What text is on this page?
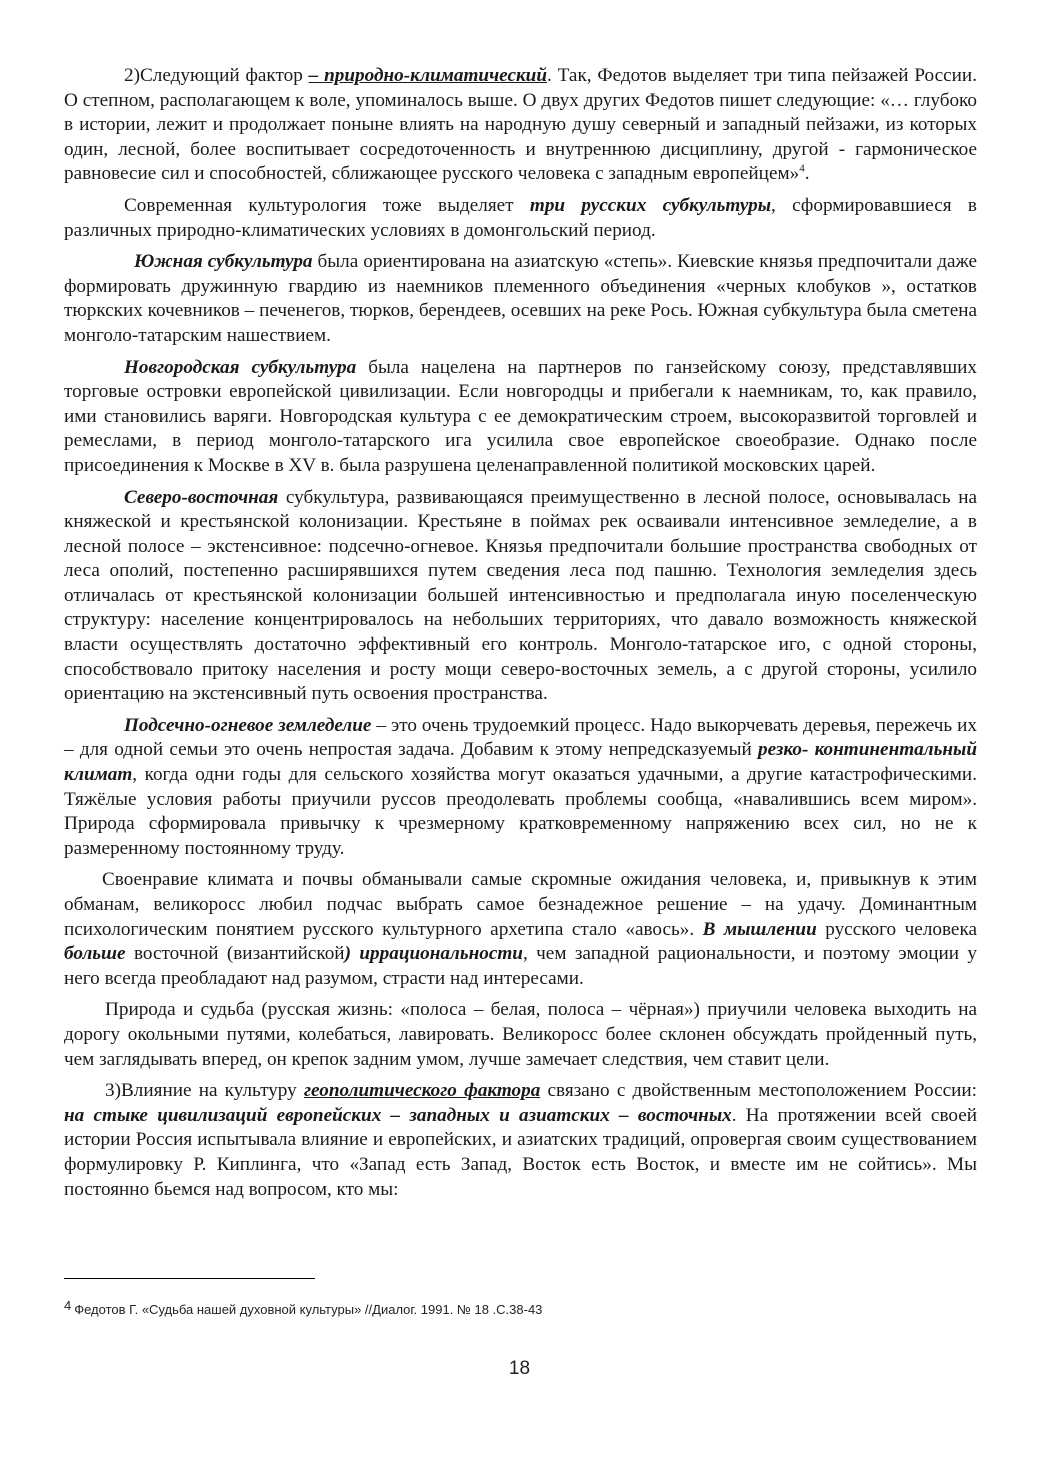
2)Следующий фактор – природно-климатический. Так, Федотов выделяет три типа пейзажей России. О степном, располагающем к воле, упоминалось выше. О двух других Федотов пишет следующие: «… глубоко в истории, лежит и продолжает поныне влиять на народную душу северный и западный пейзажи, из которых один, лесной, более воспитывает сосредоточенность и внутреннюю дисциплину, другой - гармоническое равновесие сил и способностей, сближающее русского человека с западным европейцем»$^4$.

Современная культурология тоже выделяет три русских субкультуры, сформировавшиеся в различных природно-климатических условиях в домонгольский период.

Южная субкультура была ориентирована на азиатскую «степь». Киевские князья предпочитали даже формировать дружинную гвардию из наемников племенного объединения «черных клобуков », остатков тюркских кочевников – печенегов, тюрков, берендеев, осевших на реке Рось. Южная субкультура была сметена монголо-татарским нашествием.

Новгородская субкультура была нацелена на партнеров по ганзейскому союзу, представлявших торговые островки европейской цивилизации. Если новгородцы и прибегали к наемникам, то, как правило, ими становились варяги. Новгородская культура с ее демократическим строем, высокоразвитой торговлей и ремеслами, в период монголо-татарского ига усилила свое европейское своеобразие. Однако после присоединения к Москве в XV в. была разрушена целенаправленной политикой московских царей.

Северо-восточная субкультура, развивающаяся преимущественно в лесной полосе, основывалась на княжеской и крестьянской колонизации. Крестьяне в поймах рек осваивали интенсивное земледелие, а в лесной полосе – экстенсивное: подсечно-огневое. Князья предпочитали большие пространства свободных от леса ополий, постепенно расширявшихся путем сведения леса под пашню. Технология земледелия здесь отличалась от крестьянской колонизации большей интенсивностью и предполагала иную поселенческую структуру: население концентрировалось на небольших территориях, что давало возможность княжеской власти осуществлять достаточно эффективный его контроль. Монголо-татарское иго, с одной стороны, способствовало притоку населения и росту мощи северо-восточных земель, а с другой стороны, усилило ориентацию на экстенсивный путь освоения пространства.

Подсечно-огневое земледелие – это очень трудоемкий процесс. Надо выкорчевать деревья, пережечь их – для одной семьи это очень непростая задача. Добавим к этому непредсказуемый резко- континентальный климат, когда одни годы для сельского хозяйства могут оказаться удачными, а другие катастрофическими. Тяжёлые условия работы приучили руссов преодолевать проблемы сообща, «навалившись всем миром». Природа сформировала привычку к чрезмерному кратковременному напряжению всех сил, но не к размеренному постоянному труду.

Своенравие климата и почвы обманывали самые скромные ожидания человека, и, привыкнув к этим обманам, великоросс любил подчас выбрать самое безнадежное решение – на удачу. Доминантным психологическим понятием русского культурного архетипа стало «авось». В мышлении русского человека больше восточной (византийской) иррациональности, чем западной рациональности, и поэтому эмоции у него всегда преобладают над разумом, страсти над интересами.

Природа и судьба (русская жизнь: «полоса – белая, полоса – чёрная») приучили человека выходить на дорогу окольными путями, колебаться, лавировать. Великоросс более склонен обсуждать пройденный путь, чем заглядывать вперед, он крепок задним умом, лучше замечает следствия, чем ставит цели.

3)Влияние на культуру геополитического фактора связано с двойственным местоположением России: на стыке цивилизаций европейских – западных и азиатских – восточных. На протяжении всей своей истории Россия испытывала влияние и европейских, и азиатских традиций, опровергая своим существованием формулировку Р. Киплинга, что «Запад есть Запад, Восток есть Восток, и вместе им не сойтись». Мы постоянно бьемся над вопросом, кто мы:

4 Федотов Г. «Судьба нашей духовной культуры» //Диалог. 1991. № 18 .С.38-43
18
